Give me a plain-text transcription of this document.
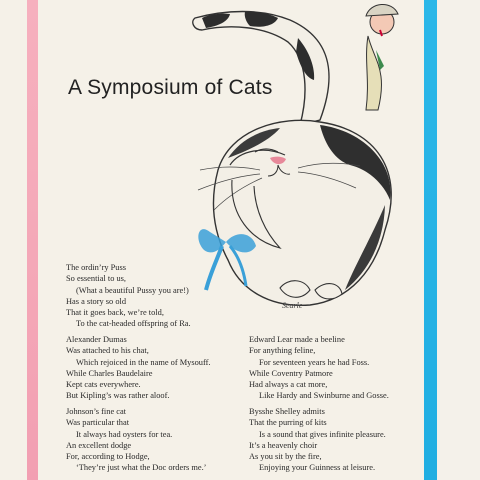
A Symposium of Cats
Searle
The ordin’ry Puss
So essential to us,
(What a beautiful Pussy you are!)
Has a story so old
That it goes back, we’re told,
To the cat-headed offspring of Ra.
Alexander Dumas
Was attached to his chat,
Which rejoiced in the name of Mysouff.
While Charles Baudelaire
Kept cats everywhere.
But Kipling’s was rather aloof.
Johnson’s fine cat
Was particular that
It always had oysters for tea.
An excellent dodge
For, according to Hodge,
‘They’re just what the Doc orders me.’
Edward Lear made a beeline
For anything feline,
For seventeen years he had Foss.
While Coventry Patmore
Had always a cat more,
Like Hardy and Swinburne and Gosse.
Bysshe Shelley admits
That the purring of kits
Is a sound that gives infinite pleasure.
It’s a heavenly choir
As you sit by the fire,
Enjoying your Guinness at leisure.
